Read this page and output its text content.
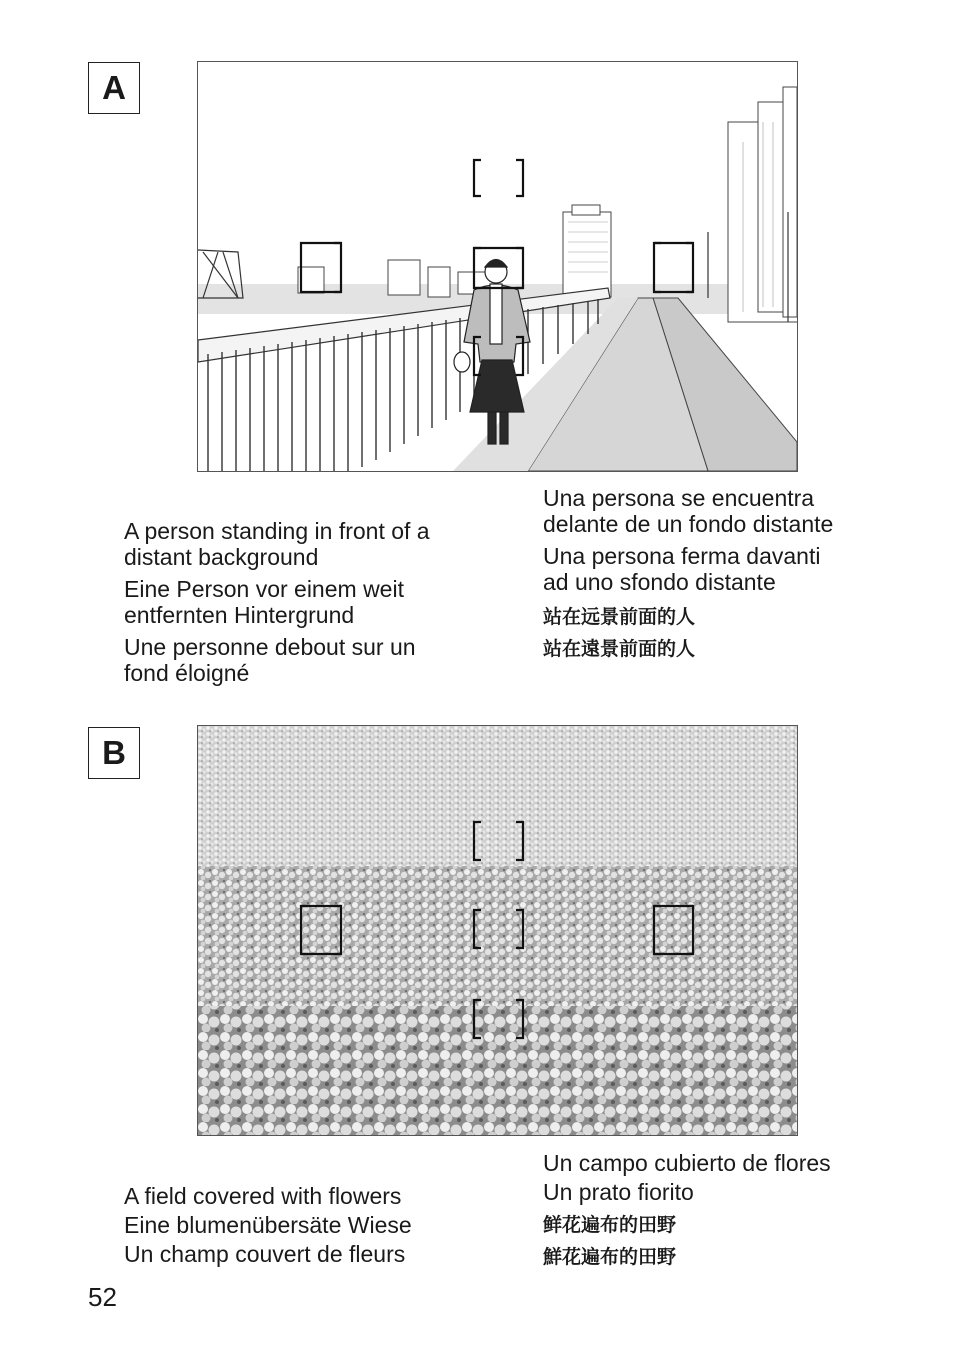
A

A person standing in front of a
distant background

Eine Person vor einem weit
entfernten Hintergrund

Une personne debout sur un
fond éloigné

Una persona se encuentra
delante de un fondo distante

Una persona ferma davanti
ad uno sfondo distante

站在远景前面的人

站在遠景前面的人

B

A field covered with flowers

Eine blumenübersäte Wiese

Un champ couvert de fleurs

Un campo cubierto de flores

Un prato fiorito

鲜花遍布的田野

鮮花遍布的田野

52
